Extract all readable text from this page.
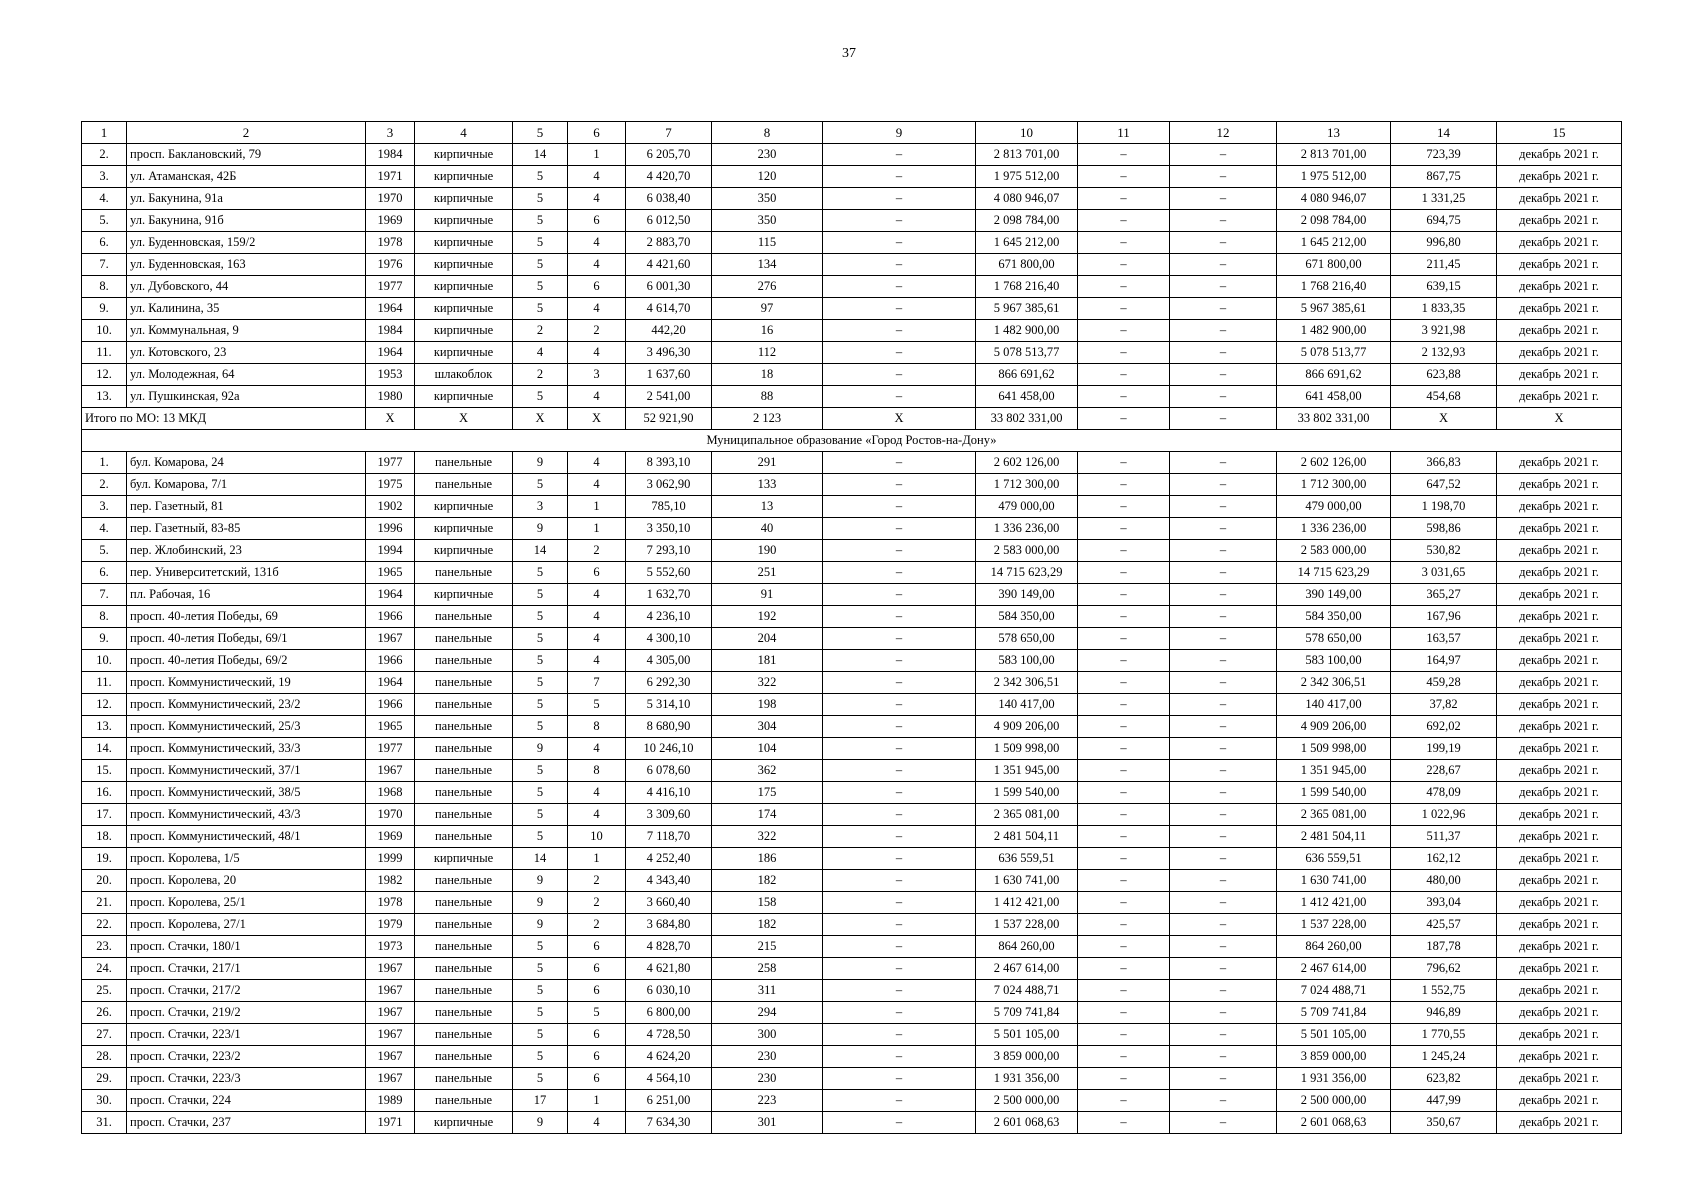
37
1	2	3	4	5	6	7	8	9	10	11	12	13	14	15
2.	просп. Баклановский, 79	1984	кирпичные	14	1	6 205,70	230	–	2 813 701,00	–	–	2 813 701,00	723,39	декабрь 2021 г.
3.	ул. Атаманская, 42Б	1971	кирпичные	5	4	4 420,70	120	–	1 975 512,00	–	–	1 975 512,00	867,75	декабрь 2021 г.
4.	ул. Бакунина, 91а	1970	кирпичные	5	4	6 038,40	350	–	4 080 946,07	–	–	4 080 946,07	1 331,25	декабрь 2021 г.
5.	ул. Бакунина, 91б	1969	кирпичные	5	6	6 012,50	350	–	2 098 784,00	–	–	2 098 784,00	694,75	декабрь 2021 г.
6.	ул. Буденновская, 159/2	1978	кирпичные	5	4	2 883,70	115	–	1 645 212,00	–	–	1 645 212,00	996,80	декабрь 2021 г.
7.	ул. Буденновская, 163	1976	кирпичные	5	4	4 421,60	134	–	671 800,00	–	–	671 800,00	211,45	декабрь 2021 г.
8.	ул. Дубовского, 44	1977	кирпичные	5	6	6 001,30	276	–	1 768 216,40	–	–	1 768 216,40	639,15	декабрь 2021 г.
9.	ул. Калинина, 35	1964	кирпичные	5	4	4 614,70	97	–	5 967 385,61	–	–	5 967 385,61	1 833,35	декабрь 2021 г.
10.	ул. Коммунальная, 9	1984	кирпичные	2	2	442,20	16	–	1 482 900,00	–	–	1 482 900,00	3 921,98	декабрь 2021 г.
11.	ул. Котовского, 23	1964	кирпичные	4	4	3 496,30	112	–	5 078 513,77	–	–	5 078 513,77	2 132,93	декабрь 2021 г.
12.	ул. Молодежная, 64	1953	шлакоблок	2	3	1 637,60	18	–	866 691,62	–	–	866 691,62	623,88	декабрь 2021 г.
13.	ул. Пушкинская, 92а	1980	кирпичные	5	4	2 541,00	88	–	641 458,00	–	–	641 458,00	454,68	декабрь 2021 г.
Итого по МО: 13 МКД		X	X	X	X	52 921,90	2 123	X	33 802 331,00	–	–	33 802 331,00	X	X
Муниципальное образование «Город Ростов-на-Дону»														
1.	бул. Комарова, 24	1977	панельные	9	4	8 393,10	291	–	2 602 126,00	–	–	2 602 126,00	366,83	декабрь 2021 г.
2.	бул. Комарова, 7/1	1975	панельные	5	4	3 062,90	133	–	1 712 300,00	–	–	1 712 300,00	647,52	декабрь 2021 г.
3.	пер. Газетный, 81	1902	кирпичные	3	1	785,10	13	–	479 000,00	–	–	479 000,00	1 198,70	декабрь 2021 г.
4.	пер. Газетный, 83-85	1996	кирпичные	9	1	3 350,10	40	–	1 336 236,00	–	–	1 336 236,00	598,86	декабрь 2021 г.
5.	пер. Жлобинский, 23	1994	кирпичные	14	2	7 293,10	190	–	2 583 000,00	–	–	2 583 000,00	530,82	декабрь 2021 г.
6.	пер. Университетский, 131б	1965	панельные	5	6	5 552,60	251	–	14 715 623,29	–	–	14 715 623,29	3 031,65	декабрь 2021 г.
7.	пл. Рабочая, 16	1964	кирпичные	5	4	1 632,70	91	–	390 149,00	–	–	390 149,00	365,27	декабрь 2021 г.
8.	просп. 40-летия Победы, 69	1966	панельные	5	4	4 236,10	192	–	584 350,00	–	–	584 350,00	167,96	декабрь 2021 г.
9.	просп. 40-летия Победы, 69/1	1967	панельные	5	4	4 300,10	204	–	578 650,00	–	–	578 650,00	163,57	декабрь 2021 г.
10.	просп. 40-летия Победы, 69/2	1966	панельные	5	4	4 305,00	181	–	583 100,00	–	–	583 100,00	164,97	декабрь 2021 г.
11.	просп. Коммунистический, 19	1964	панельные	5	7	6 292,30	322	–	2 342 306,51	–	–	2 342 306,51	459,28	декабрь 2021 г.
12.	просп. Коммунистический, 23/2	1966	панельные	5	5	5 314,10	198	–	140 417,00	–	–	140 417,00	37,82	декабрь 2021 г.
13.	просп. Коммунистический, 25/3	1965	панельные	5	8	8 680,90	304	–	4 909 206,00	–	–	4 909 206,00	692,02	декабрь 2021 г.
14.	просп. Коммунистический, 33/3	1977	панельные	9	4	10 246,10	104	–	1 509 998,00	–	–	1 509 998,00	199,19	декабрь 2021 г.
15.	просп. Коммунистический, 37/1	1967	панельные	5	8	6 078,60	362	–	1 351 945,00	–	–	1 351 945,00	228,67	декабрь 2021 г.
16.	просп. Коммунистический, 38/5	1968	панельные	5	4	4 416,10	175	–	1 599 540,00	–	–	1 599 540,00	478,09	декабрь 2021 г.
17.	просп. Коммунистический, 43/3	1970	панельные	5	4	3 309,60	174	–	2 365 081,00	–	–	2 365 081,00	1 022,96	декабрь 2021 г.
18.	просп. Коммунистический, 48/1	1969	панельные	5	10	7 118,70	322	–	2 481 504,11	–	–	2 481 504,11	511,37	декабрь 2021 г.
19.	просп. Королева, 1/5	1999	кирпичные	14	1	4 252,40	186	–	636 559,51	–	–	636 559,51	162,12	декабрь 2021 г.
20.	просп. Королева, 20	1982	панельные	9	2	4 343,40	182	–	1 630 741,00	–	–	1 630 741,00	480,00	декабрь 2021 г.
21.	просп. Королева, 25/1	1978	панельные	9	2	3 660,40	158	–	1 412 421,00	–	–	1 412 421,00	393,04	декабрь 2021 г.
22.	просп. Королева, 27/1	1979	панельные	9	2	3 684,80	182	–	1 537 228,00	–	–	1 537 228,00	425,57	декабрь 2021 г.
23.	просп. Стачки, 180/1	1973	панельные	5	6	4 828,70	215	–	864 260,00	–	–	864 260,00	187,78	декабрь 2021 г.
24.	просп. Стачки, 217/1	1967	панельные	5	6	4 621,80	258	–	2 467 614,00	–	–	2 467 614,00	796,62	декабрь 2021 г.
25.	просп. Стачки, 217/2	1967	панельные	5	6	6 030,10	311	–	7 024 488,71	–	–	7 024 488,71	1 552,75	декабрь 2021 г.
26.	просп. Стачки, 219/2	1967	панельные	5	5	6 800,00	294	–	5 709 741,84	–	–	5 709 741,84	946,89	декабрь 2021 г.
27.	просп. Стачки, 223/1	1967	панельные	5	6	4 728,50	300	–	5 501 105,00	–	–	5 501 105,00	1 770,55	декабрь 2021 г.
28.	просп. Стачки, 223/2	1967	панельные	5	6	4 624,20	230	–	3 859 000,00	–	–	3 859 000,00	1 245,24	декабрь 2021 г.
29.	просп. Стачки, 223/3	1967	панельные	5	6	4 564,10	230	–	1 931 356,00	–	–	1 931 356,00	623,82	декабрь 2021 г.
30.	просп. Стачки, 224	1989	панельные	17	1	6 251,00	223	–	2 500 000,00	–	–	2 500 000,00	447,99	декабрь 2021 г.
31.	просп. Стачки, 237	1971	кирпичные	9	4	7 634,30	301	–	2 601 068,63	–	–	2 601 068,63	350,67	декабрь 2021 г.
